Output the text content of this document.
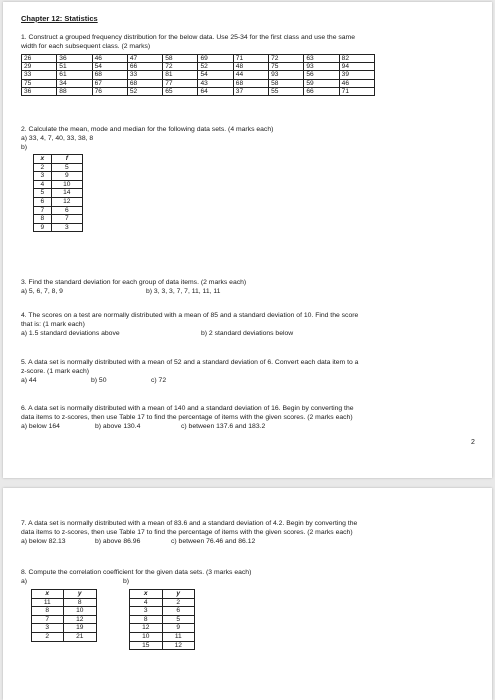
Chapter 12: Statistics
1. Construct a grouped frequency distribution for the below data. Use 25-34 for the first class and use the same
width for each subsequent class. (2 marks)
26	36	46	47	58	69	71	72	63	82
29	51	54	66	72	52	48	75	93	94
33	61	68	33	81	54	44	93	56	39
75	34	67	68	77	43	68	58	59	46
36	88	76	52	65	64	37	55	66	71
2. Calculate the mean, mode and median for the following data sets. (4 marks each)
a) 33, 4, 7, 40, 33, 38, 8
b)
x	f
2	5
3	9
4	10
5	14
6	12
7	6
8	7
9	3
3. Find the standard deviation for each group of data items. (2 marks each)
a) 5, 6, 7, 8, 9	b) 3, 3, 3, 7, 7, 11, 11, 11
4. The scores on a test are normally distributed with a mean of 85 and a standard deviation of 10. Find the score
that is: (1 mark each)
a) 1.5 standard deviations above	b) 2 standard deviations below
5. A data set is normally distributed with a mean of 52 and a standard deviation of 6. Convert each data item to a
z-score. (1 mark each)
a) 44	b) 50	c) 72
6. A data set is normally distributed with a mean of 140 and a standard deviation of 16. Begin by converting the
data items to z-scores, then use Table 17 to find the percentage of items with the given scores. (2 marks each)
a) below 164	b) above 130.4	c) between 137.6 and 183.2
2
7. A data set is normally distributed with a mean of 83.6 and a standard deviation of 4.2. Begin by converting the
data items to z-scores, then use Table 17 to find the percentage of items with the given scores. (2 marks each)
a) below 82.13	b) above 86.96	c) between 76.46 and 86.12
8. Compute the correlation coefficient for the given data sets. (3 marks each)
a)	b)
x	y
11	8
8	10
7	12
3	19
2	21
x	y
4	2
3	6
8	5
12	9
10	11
15	12
